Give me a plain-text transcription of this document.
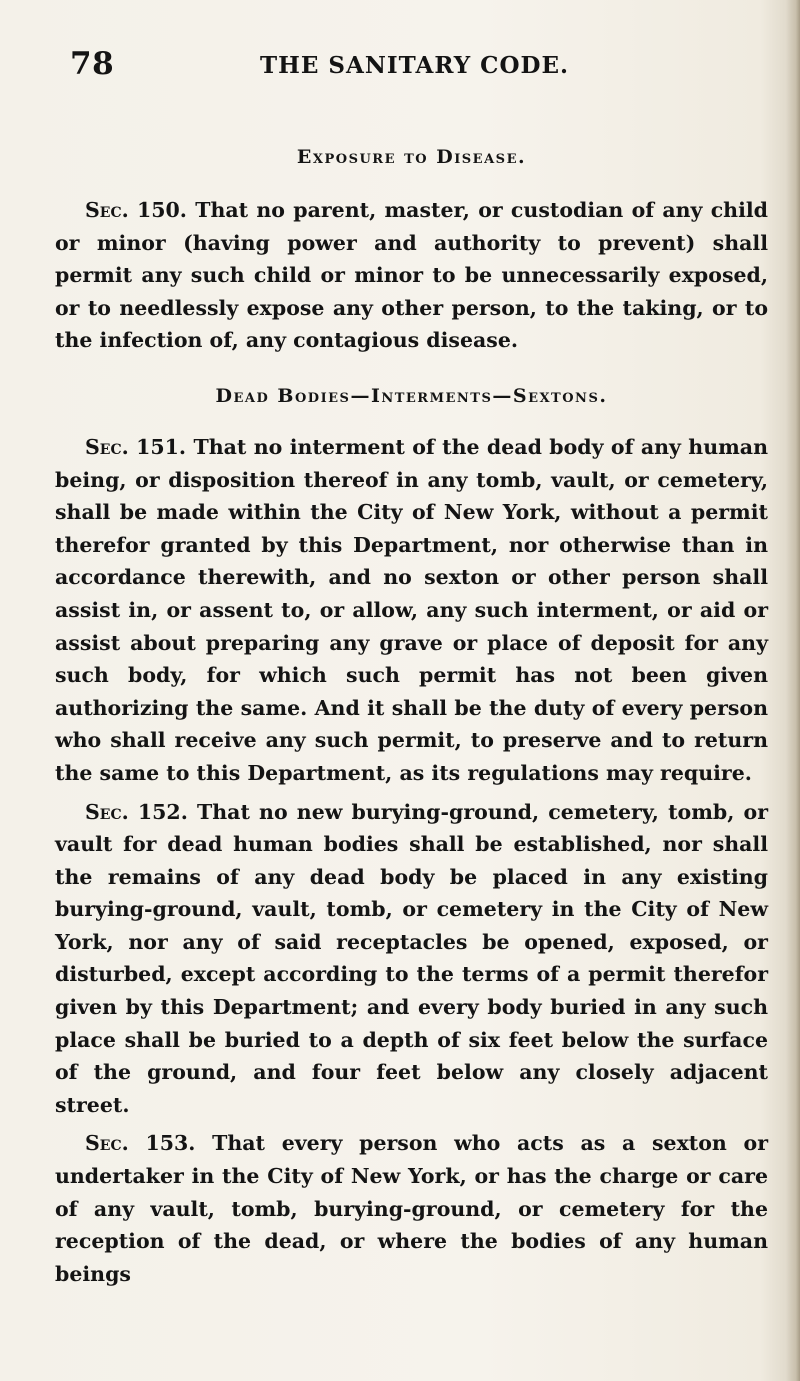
78	THE SANITARY CODE.
Exposure to Disease.

Sec. 150. That no parent, master, or custodian of any child or minor (having power and authority to prevent) shall permit any such child or minor to be unnecessarily exposed, or to needlessly expose any other person, to the taking, or to the infection of, any contagious disease.

Dead Bodies—Interments—Sextons.

Sec. 151. That no interment of the dead body of any human being, or disposition thereof in any tomb, vault, or cemetery, shall be made within the City of New York, without a permit therefor granted by this Department, nor otherwise than in accordance therewith, and no sexton or other person shall assist in, or assent to, or allow, any such interment, or aid or assist about preparing any grave or place of deposit for any such body, for which such permit has not been given authorizing the same. And it shall be the duty of every person who shall receive any such permit, to preserve and to return the same to this Department, as its regulations may require.

Sec. 152. That no new burying-ground, cemetery, tomb, or vault for dead human bodies shall be established, nor shall the remains of any dead body be placed in any existing burying-ground, vault, tomb, or cemetery in the City of New York, nor any of said receptacles be opened, exposed, or disturbed, except according to the terms of a permit therefor given by this Department; and every body buried in any such place shall be buried to a depth of six feet below the surface of the ground, and four feet below any closely adjacent street.

Sec. 153. That every person who acts as a sexton or undertaker in the City of New York, or has the charge or care of any vault, tomb, burying-ground, or cemetery for the reception of the dead, or where the bodies of any human beings
